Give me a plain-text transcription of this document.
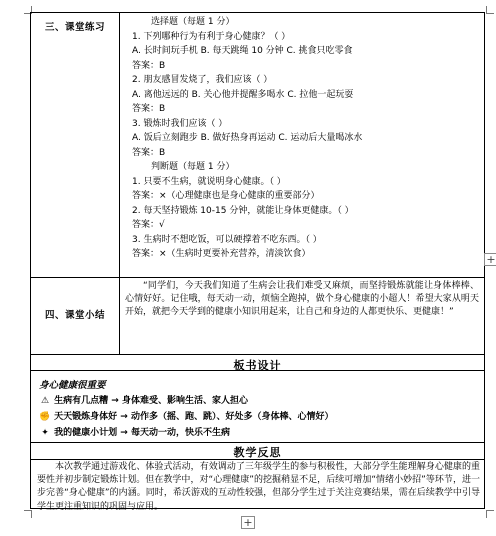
三、课堂练习	选择题（每题 1 分）
1. 下列哪种行为有利于身心健康？（ ）
A. 长时间玩手机 B. 每天跳绳 10 分钟 C. 挑食只吃零食
答案：B
2. 朋友感冒发烧了，我们应该（ ）
A. 离他远远的 B. 关心他并提醒多喝水 C. 拉他一起玩耍
答案：B
3. 锻炼时我们应该（ ）
A. 饭后立刻跑步 B. 做好热身再运动 C. 运动后大量喝冰水
答案：B
判断题（每题 1 分）
1. 只要不生病，就说明身心健康。（ ）
答案：×（心理健康也是身心健康的重要部分）
2. 每天坚持锻炼 10-15 分钟，就能让身体更健康。（ ）
答案：√
3. 生病时不想吃饭，可以硬撑着不吃东西。（ ）
答案：×（生病时更要补充营养，清淡饮食）
四、课堂小结
“同学们，今天我们知道了生病会让我们难受又麻烦，而坚持锻炼就能让身体棒棒、心情好好。记住哦，每天动一动，烦恼全跑掉，做个身心健康的小超人！希望大家从明天开始，就把今天学到的健康小知识用起来，让自己和身边的人都更快乐、更健康！”
板书设计
身心健康很重要
⚠ 生病有几点糟 → 身体难受、影响生活、家人担心
✊ 天天锻炼身体好 → 动作多（摇、跑、跳）、好处多（身体棒、心情好）
✦ 我的健康小计划 → 每天动一动，快乐不生病
教学反思
本次教学通过游戏化、体验式活动，有效调动了三年级学生的参与积极性，大部分学生能理解身心健康的重要性并初步制定锻炼计划。但在教学中，对“心理健康”的挖掘稍显不足，后续可增加“情绪小妙招”等环节，进一步完善“身心健康”的内涵。同时，希沃游戏的互动性较强，但部分学生过于关注竞赛结果，需在后续教学中引导学生更注重知识的巩固与应用。
+
+
